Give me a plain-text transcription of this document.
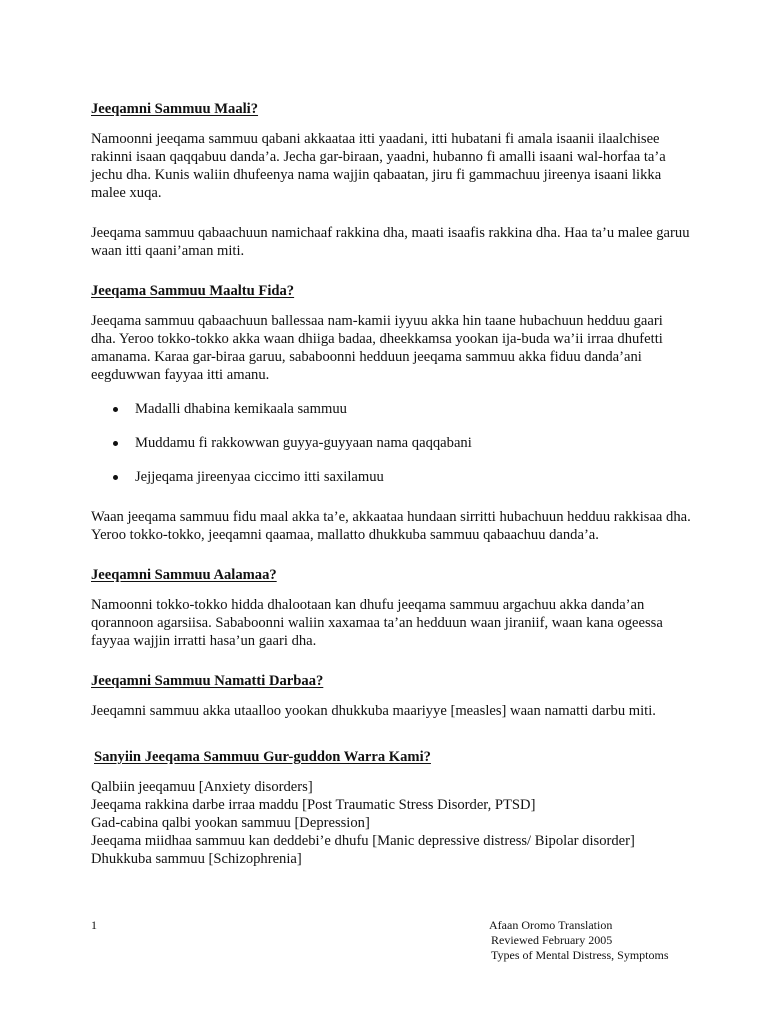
Jeeqamni Sammuu Maali?

Namoonni jeeqama sammuu qabani akkaataa itti yaadani, itti hubatani fi amala isaanii ilaalchisee rakinni isaan qaqqabuu danda’a. Jecha gar-biraan, yaadni, hubanno fi amalli isaani wal-horfaa ta’a jechu dha. Kunis waliin dhufeenya nama wajjin qabaatan, jiru fi gammachuu jireenya isaani likka malee xuqa.

Jeeqama sammuu qabaachuun namichaaf rakkina dha, maati isaafis rakkina dha. Haa ta’u malee garuu waan itti qaani’aman miti.

Jeeqama Sammuu Maaltu Fida?

Jeeqama sammuu qabaachuun ballessaa nam-kamii iyyuu akka hin taane hubachuun hedduu gaari dha. Yeroo tokko-tokko akka waan dhiiga badaa, dheekkamsa yookan ija-buda wa’ii irraa dhufetti amanama. Karaa gar-biraa garuu, sababoonni hedduun jeeqama sammuu akka fiduu danda’ani eegduwwan fayyaa itti amanu.

Madalli dhabina kemikaala sammuu
Muddamu fi rakkowwan guyya-guyyaan nama qaqqabani
Jejjeqama jireenyaa ciccimo itti saxilamuu

Waan jeeqama sammuu fidu maal akka ta’e, akkaataa hundaan sirritti hubachuun hedduu rakkisaa dha. Yeroo tokko-tokko, jeeqamni qaamaa, mallatto dhukkuba sammuu qabaachuu danda’a.

Jeeqamni Sammuu Aalamaa?

Namoonni tokko-tokko hidda dhalootaan kan dhufu jeeqama sammuu argachuu akka danda’an qorannoon agarsiisa. Sababoonni waliin xaxamaa ta’an hedduun waan jiraniif, waan kana ogeessa fayyaa wajjin irratti hasa’un gaari dha.

Jeeqamni Sammuu Namatti Darbaa?

Jeeqamni sammuu akka utaalloo yookan dhukkuba maariyye [measles] waan namatti darbu miti.

Sanyiin Jeeqama Sammuu Gur-guddon Warra Kami?
Qalbiin jeeqamuu [Anxiety disorders]
Jeeqama rakkina darbe irraa maddu [Post Traumatic Stress Disorder, PTSD]
Gad-cabina qalbi yookan sammuu [Depression]
Jeeqama miidhaa sammuu kan deddebi’e dhufu [Manic depressive distress/ Bipolar disorder]
Dhukkuba sammuu [Schizophrenia]
1	Afaan Oromo Translation
Reviewed February 2005
Types of Mental Distress, Symptoms
